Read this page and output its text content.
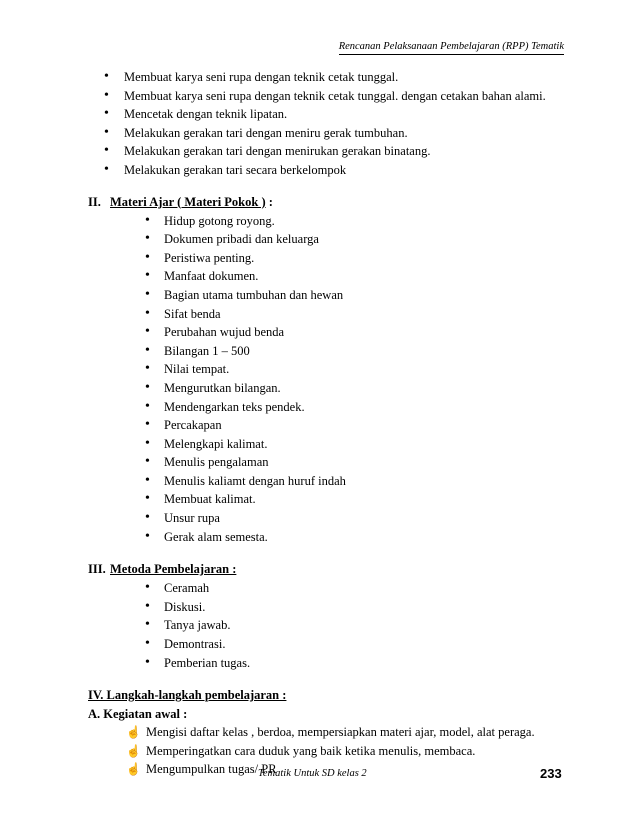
Rencanan Pelaksanaan Pembelajaran (RPP) Tematik
• Membuat karya seni rupa dengan teknik cetak tunggal.
• Membuat karya seni rupa dengan teknik cetak tunggal. dengan cetakan bahan alami.
• Mencetak dengan teknik lipatan.
• Melakukan gerakan tari dengan meniru gerak tumbuhan.
• Melakukan gerakan tari dengan menirukan gerakan binatang.
• Melakukan gerakan tari secara berkelompok
II. Materi Ajar ( Materi Pokok ) :
• Hidup gotong royong.
• Dokumen pribadi dan keluarga
• Peristiwa penting.
• Manfaat dokumen.
• Bagian utama tumbuhan dan hewan
• Sifat benda
• Perubahan wujud benda
• Bilangan 1 – 500
• Nilai tempat.
• Mengurutkan bilangan.
• Mendengarkan teks pendek.
• Percakapan
• Melengkapi kalimat.
• Menulis pengalaman
• Menulis kaliamt dengan huruf indah
• Membuat kalimat.
• Unsur rupa
• Gerak alam semesta.
III. Metoda Pembelajaran :
• Ceramah
• Diskusi.
• Tanya jawab.
• Demontrasi.
• Pemberian tugas.
IV. Langkah-langkah pembelajaran :
A. Kegiatan awal :
☝ Mengisi daftar kelas , berdoa, mempersiapkan materi ajar, model, alat peraga.
☝ Memperingatkan cara duduk yang baik ketika menulis, membaca.
☝ Mengumpulkan tugas/ PR
Tematik Untuk SD kelas 2	233
